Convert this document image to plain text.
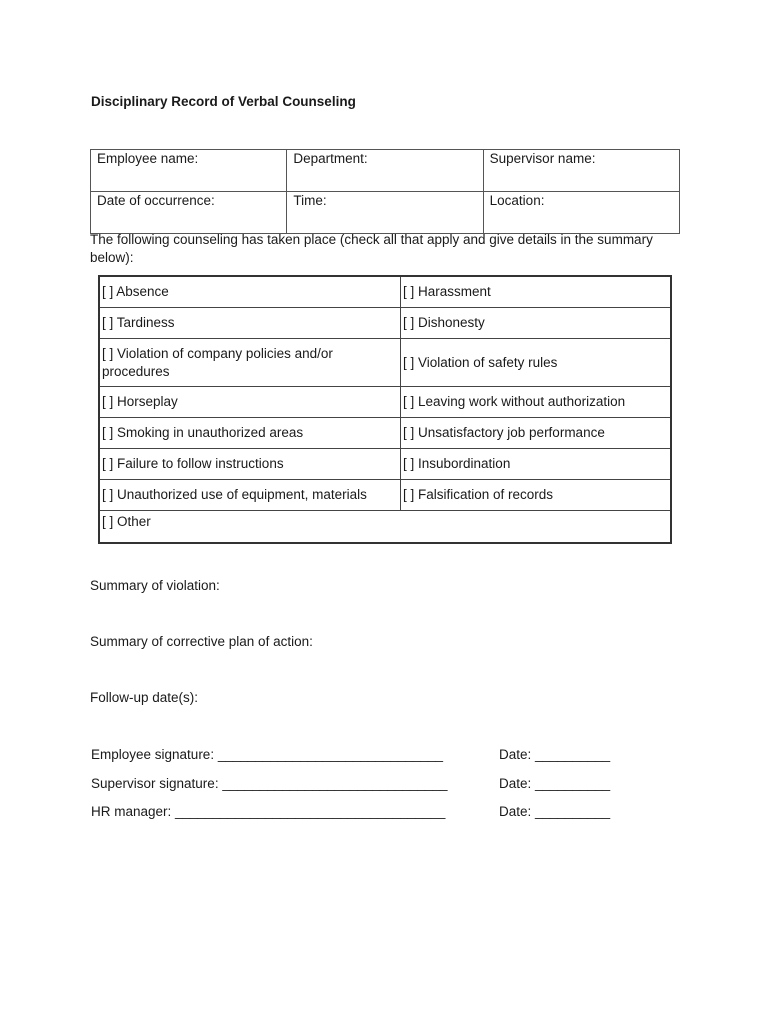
Disciplinary Record of Verbal Counseling
Employee name:	Department:	Supervisor name:
Date of occurrence:	Time:	Location:
The following counseling has taken place (check all that apply and give details in the summary below):
[ ] Absence	[ ] Harassment
[ ] Tardiness	[ ] Dishonesty
[ ] Violation of company policies and/or procedures	[ ] Violation of safety rules
[ ] Horseplay	[ ] Leaving work without authorization
[ ] Smoking in unauthorized areas	[ ] Unsatisfactory job performance
[ ] Failure to follow instructions	[ ] Insubordination
[ ] Unauthorized use of equipment, materials	[ ] Falsification of records
[ ] Other	
Summary of violation:
Summary of corrective plan of action:
Follow-up date(s):
Employee signature: ______________________________	Date: __________
Supervisor signature: ______________________________	Date: __________
HR manager: ____________________________________	Date: __________
